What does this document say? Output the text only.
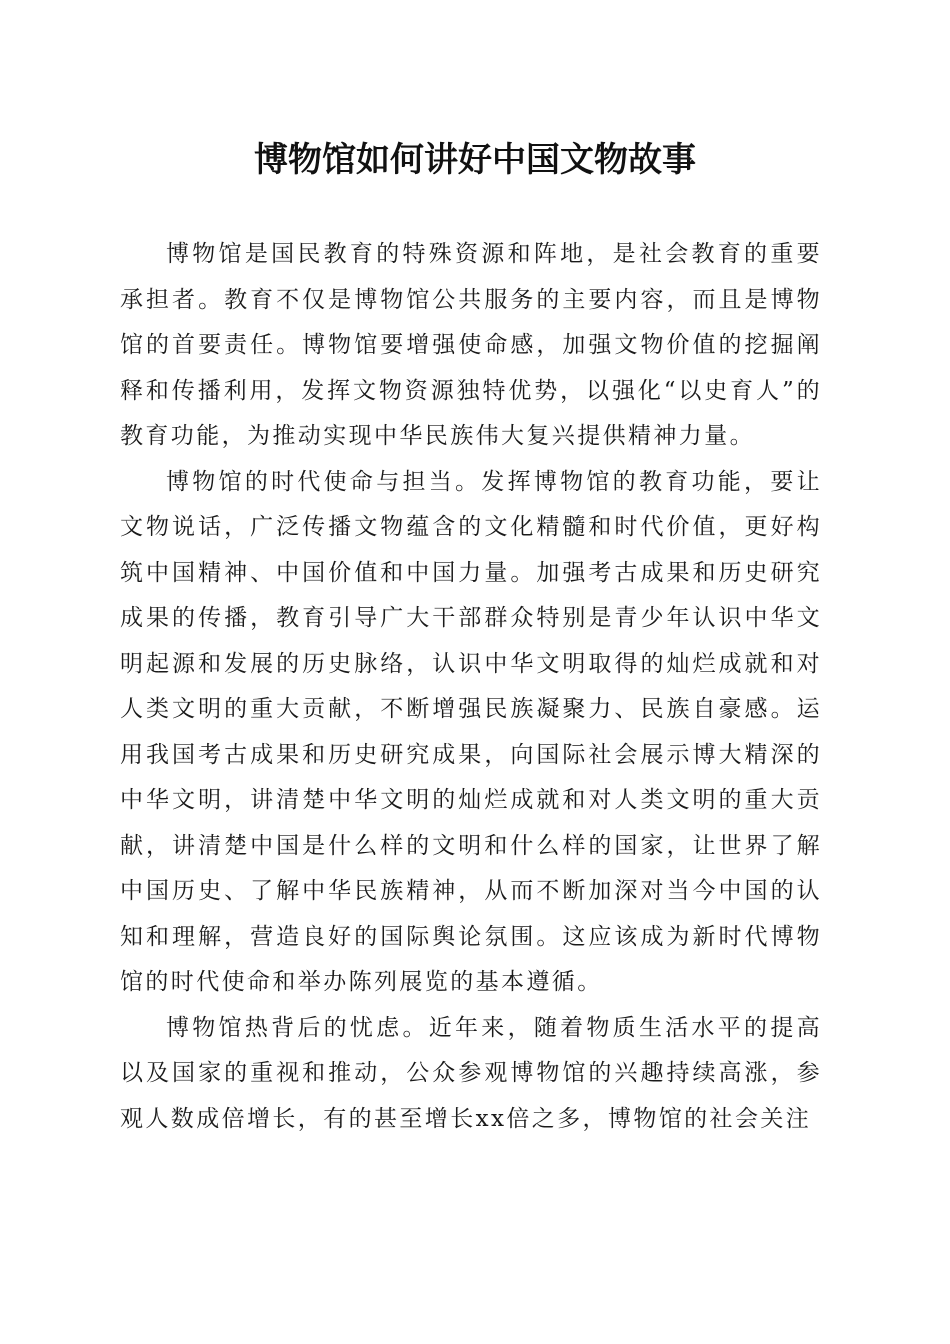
博物馆如何讲好中国文物故事

博物馆是国民教育的特殊资源和阵地，是社会教育的重要承担者。教育不仅是博物馆公共服务的主要内容，而且是博物馆的首要责任。博物馆要增强使命感，加强文物价值的挖掘阐释和传播利用，发挥文物资源独特优势，以强化“以史育人”的教育功能，为推动实现中华民族伟大复兴提供精神力量。

博物馆的时代使命与担当。发挥博物馆的教育功能，要让文物说话，广泛传播文物蕴含的文化精髓和时代价值，更好构筑中国精神、中国价值和中国力量。加强考古成果和历史研究成果的传播，教育引导广大干部群众特别是青少年认识中华文明起源和发展的历史脉络，认识中华文明取得的灿烂成就和对人类文明的重大贡献，不断增强民族凝聚力、民族自豪感。运用我国考古成果和历史研究成果，向国际社会展示博大精深的中华文明，讲清楚中华文明的灿烂成就和对人类文明的重大贡献，讲清楚中国是什么样的文明和什么样的国家，让世界了解中国历史、了解中华民族精神，从而不断加深对当今中国的认知和理解，营造良好的国际舆论氛围。这应该成为新时代博物馆的时代使命和举办陈列展览的基本遵循。

博物馆热背后的忧虑。近年来，随着物质生活水平的提高以及国家的重视和推动，公众参观博物馆的兴趣持续高涨，参观人数成倍增长，有的甚至增长xx倍之多，博物馆的社会关注
